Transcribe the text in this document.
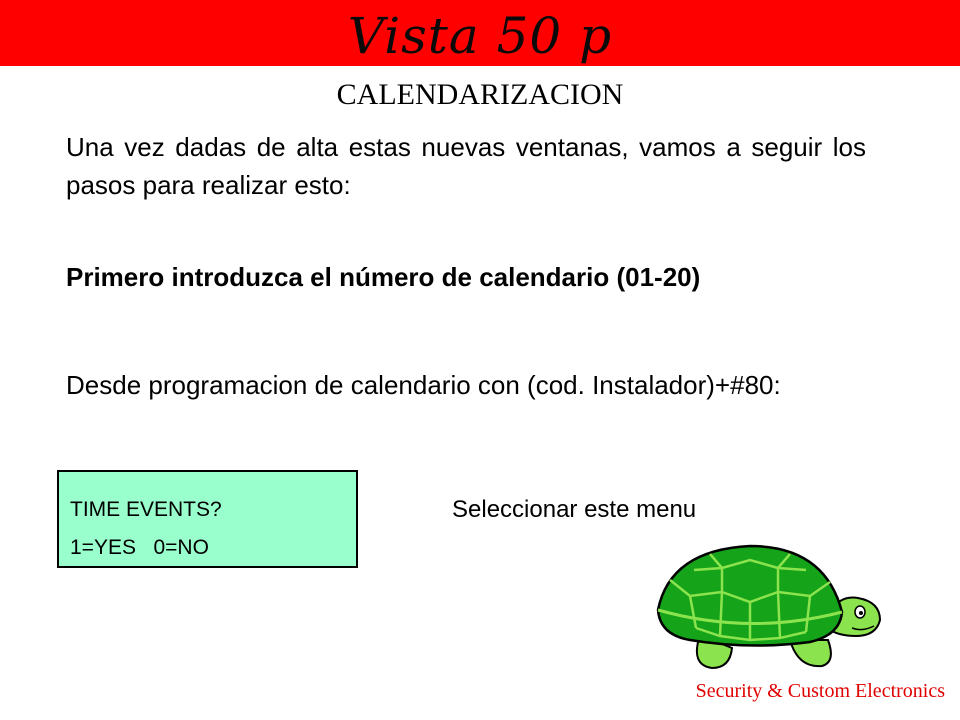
Vista 50 p
CALENDARIZACION
Una vez dadas de alta estas nuevas ventanas, vamos a seguir los pasos para realizar esto:
Primero introduzca el número de calendario (01-20)
Desde programacion de calendario con (cod. Instalador)+#80:
TIME EVENTS?
1=YES   0=NO
Seleccionar este menu
Security & Custom Electronics
